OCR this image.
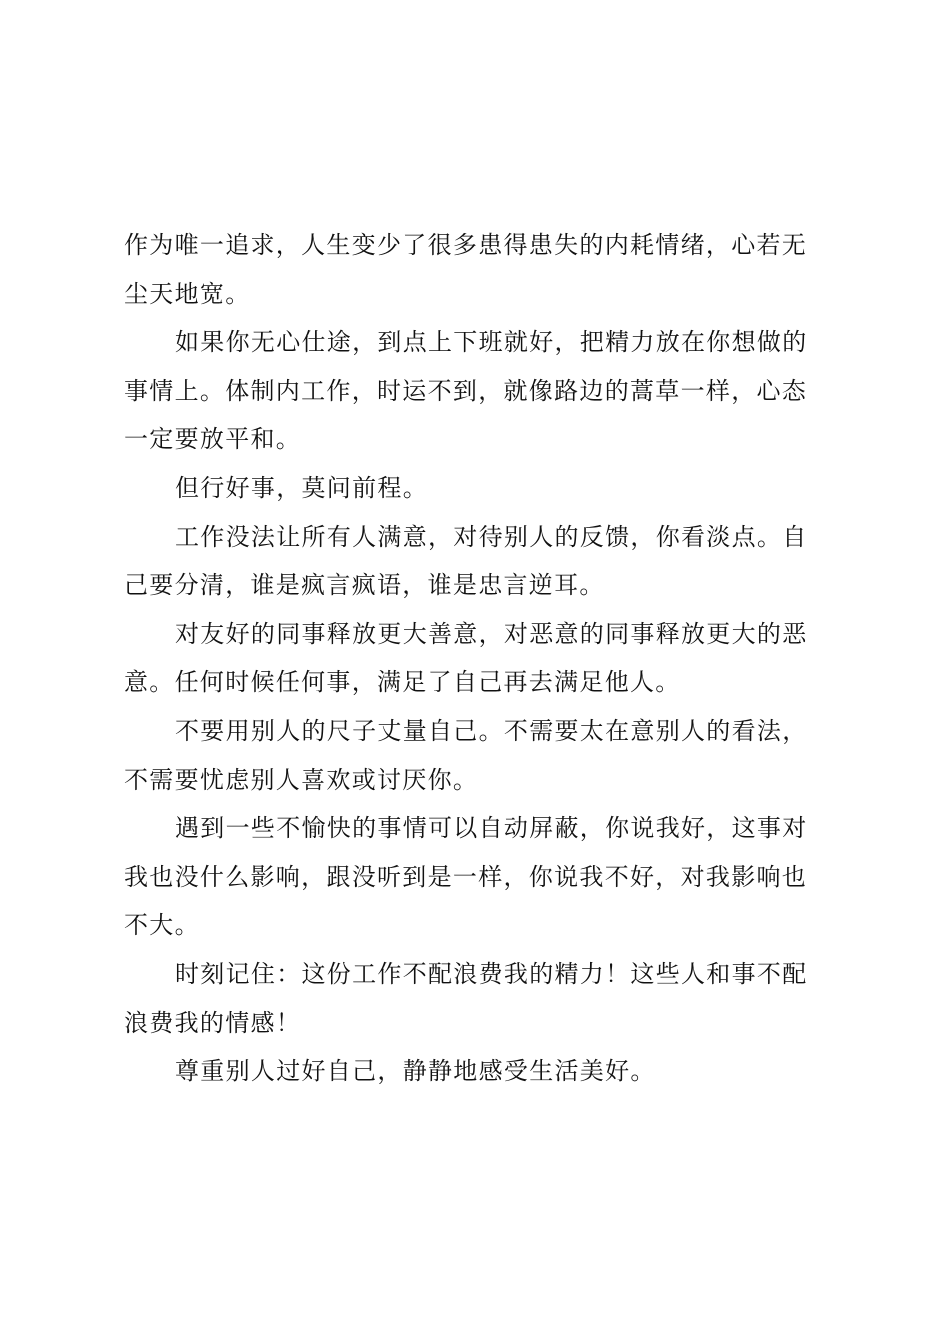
作为唯一追求，人生变少了很多患得患失的内耗情绪，心若无
尘天地宽。

如果你无心仕途，到点上下班就好，把精力放在你想做的
事情上。体制内工作，时运不到，就像路边的蒿草一样，心态
一定要放平和。

但行好事，莫问前程。

工作没法让所有人满意，对待别人的反馈，你看淡点。自
己要分清，谁是疯言疯语，谁是忠言逆耳。

对友好的同事释放更大善意，对恶意的同事释放更大的恶
意。任何时候任何事，满足了自己再去满足他人。

不要用别人的尺子丈量自己。不需要太在意别人的看法，
不需要忧虑别人喜欢或讨厌你。

遇到一些不愉快的事情可以自动屏蔽，你说我好，这事对
我也没什么影响，跟没听到是一样，你说我不好，对我影响也
不大。

时刻记住：这份工作不配浪费我的精力！这些人和事不配
浪费我的情感！

尊重别人过好自己，静静地感受生活美好。
